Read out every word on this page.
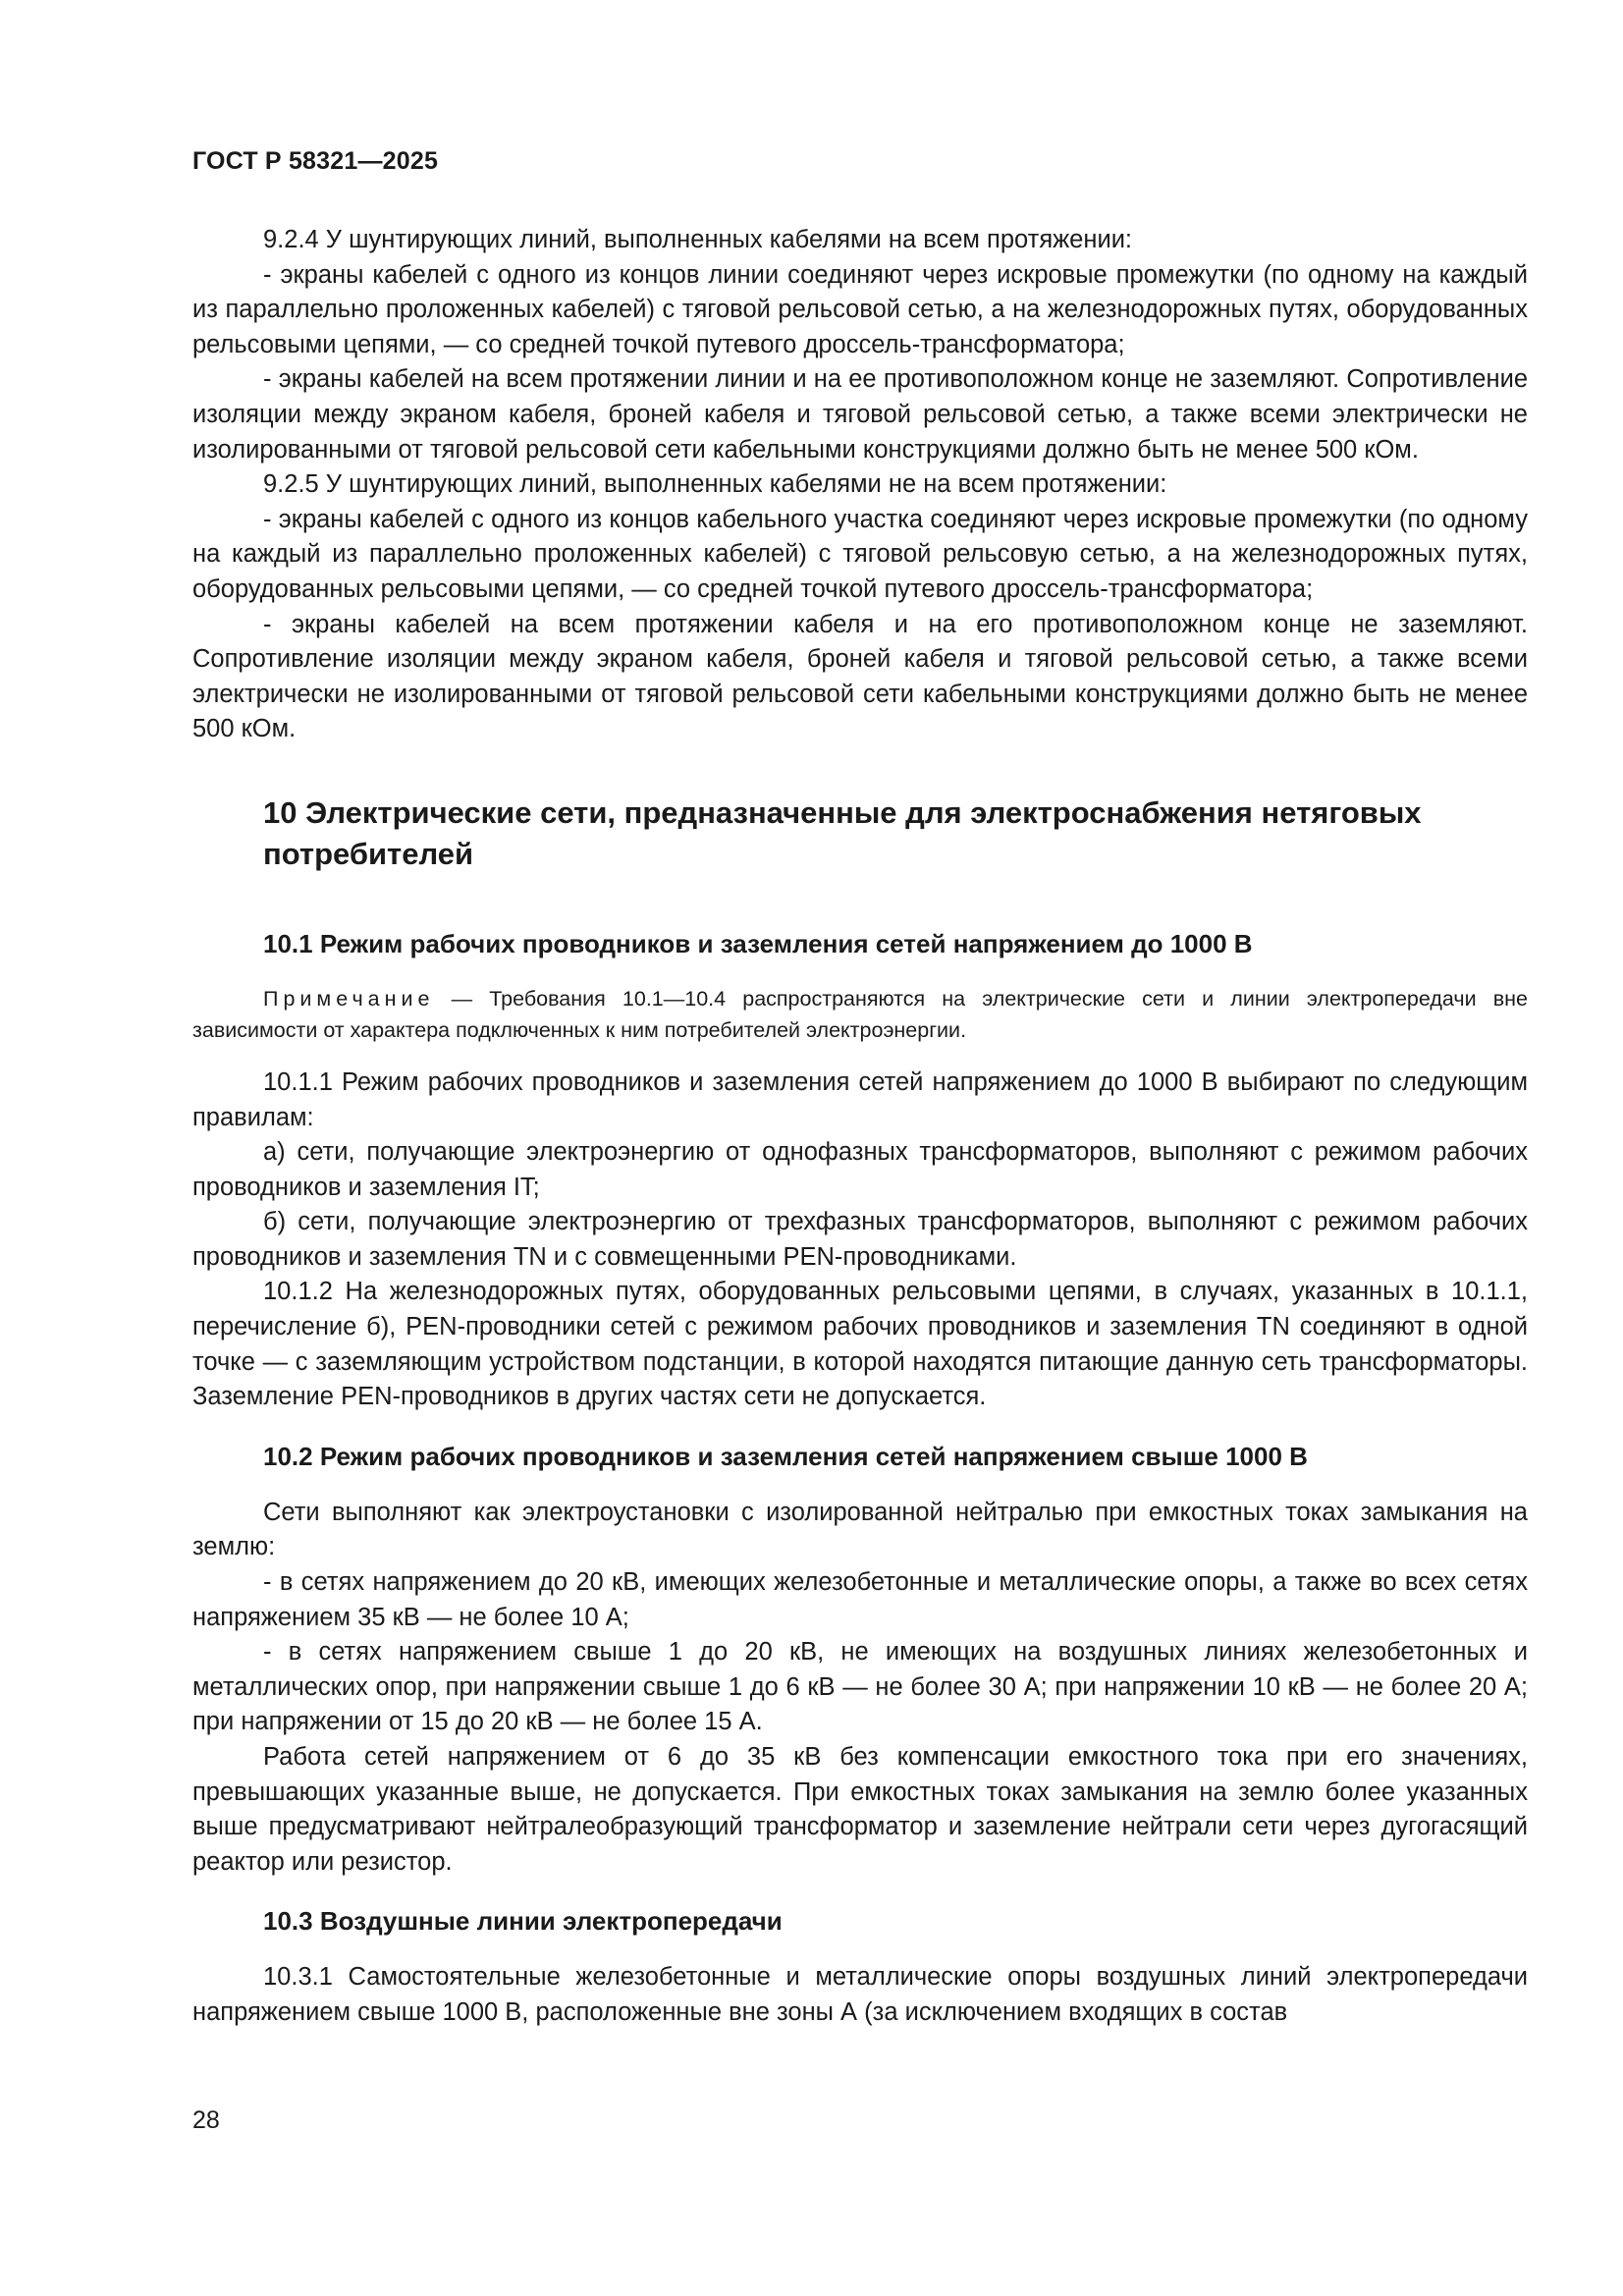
ГОСТ Р 58321—2025

9.2.4 У шунтирующих линий, выполненных кабелями на всем протяжении:

- экраны кабелей с одного из концов линии соединяют через искровые промежутки (по одному на каждый из параллельно проложенных кабелей) с тяговой рельсовой сетью, а на железнодорожных путях, оборудованных рельсовыми цепями, — со средней точкой путевого дроссель-трансформатора;

- экраны кабелей на всем протяжении линии и на ее противоположном конце не заземляют. Сопротивление изоляции между экраном кабеля, броней кабеля и тяговой рельсовой сетью, а также всеми электрически не изолированными от тяговой рельсовой сети кабельными конструкциями должно быть не менее 500 кОм.

9.2.5 У шунтирующих линий, выполненных кабелями не на всем протяжении:

- экраны кабелей с одного из концов кабельного участка соединяют через искровые промежутки (по одному на каждый из параллельно проложенных кабелей) с тяговой рельсовую сетью, а на железнодорожных путях, оборудованных рельсовыми цепями, — со средней точкой путевого дроссель-трансформатора;

- экраны кабелей на всем протяжении кабеля и на его противоположном конце не заземляют. Сопротивление изоляции между экраном кабеля, броней кабеля и тяговой рельсовой сетью, а также всеми электрически не изолированными от тяговой рельсовой сети кабельными конструкциями должно быть не менее 500 кОм.

10 Электрические сети, предназначенные для электроснабжения нетяговых потребителей
10.1 Режим рабочих проводников и заземления сетей напряжением до 1000 В
Примечание — Требования 10.1—10.4 распространяются на электрические сети и линии электропередачи вне зависимости от характера подключенных к ним потребителей электроэнергии.

10.1.1 Режим рабочих проводников и заземления сетей напряжением до 1000 В выбирают по следующим правилам:

а) сети, получающие электроэнергию от однофазных трансформаторов, выполняют с режимом рабочих проводников и заземления IT;

б) сети, получающие электроэнергию от трехфазных трансформаторов, выполняют с режимом рабочих проводников и заземления TN и с совмещенными PEN-проводниками.

10.1.2 На железнодорожных путях, оборудованных рельсовыми цепями, в случаях, указанных в 10.1.1, перечисление б), PEN-проводники сетей с режимом рабочих проводников и заземления TN соединяют в одной точке — с заземляющим устройством подстанции, в которой находятся питающие данную сеть трансформаторы. Заземление PEN-проводников в других частях сети не допускается.

10.2 Режим рабочих проводников и заземления сетей напряжением свыше 1000 В

Сети выполняют как электроустановки с изолированной нейтралью при емкостных токах замыкания на землю:

- в сетях напряжением до 20 кВ, имеющих железобетонные и металлические опоры, а также во всех сетях напряжением 35 кВ — не более 10 А;

- в сетях напряжением свыше 1 до 20 кВ, не имеющих на воздушных линиях железобетонных и металлических опор, при напряжении свыше 1 до 6 кВ — не более 30 А; при напряжении 10 кВ — не более 20 А; при напряжении от 15 до 20 кВ — не более 15 А.

Работа сетей напряжением от 6 до 35 кВ без компенсации емкостного тока при его значениях, превышающих указанные выше, не допускается. При емкостных токах замыкания на землю более указанных выше предусматривают нейтралеобразующий трансформатор и заземление нейтрали сети через дугогасящий реактор или резистор.

10.3 Воздушные линии электропередачи

10.3.1 Самостоятельные железобетонные и металлические опоры воздушных линий электропередачи напряжением свыше 1000 В, расположенные вне зоны А (за исключением входящих в состав

28
